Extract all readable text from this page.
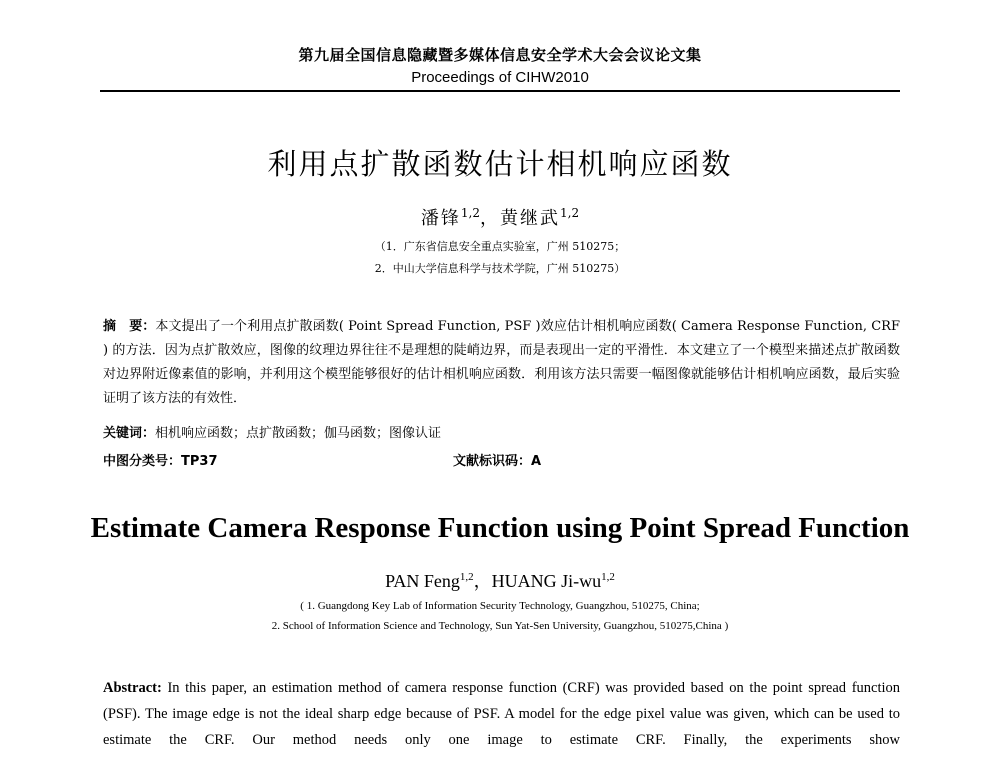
第九届全国信息隐藏暨多媒体信息安全学术大会会议论文集
Proceedings of CIHW2010
利用点扩散函数估计相机响应函数
潘锋$^{1,2}$，黄继武$^{1,2}$
（1．广东省信息安全重点实验室，广州 510275；
2．中山大学信息科学与技术学院，广州 510275）
摘　要：本文提出了一个利用点扩散函数( Point Spread Function, PSF )效应估计相机响应函数( Camera Response Function, CRF ) 的方法．因为点扩散效应，图像的纹理边界往往不是理想的陡峭边界，而是表现出一定的平滑性．本文建立了一个模型来描述点扩散函数对边界附近像素值的影响，并利用这个模型能够很好的估计相机响应函数．利用该方法只需要一幅图像就能够估计相机响应函数，最后实验证明了该方法的有效性．
关键词：相机响应函数；点扩散函数；伽马函数；图像认证
中图分类号：TP37	文献标识码：A
Estimate Camera Response Function using Point Spread Function
PAN Feng$^{1,2}$，HUANG Ji-wu$^{1,2}$
( 1. Guangdong Key Lab of Information Security Technology, Guangzhou, 510275, China;
2. School of Information Science and Technology, Sun Yat-Sen University, Guangzhou, 510275,China )
Abstract: In this paper, an estimation method of camera response function (CRF) was provided based on the point spread function (PSF). The image edge is not the ideal sharp edge because of PSF. A model for the edge pixel value was given, which can be used to estimate the CRF. Our method needs only one image to estimate CRF. Finally, the experiments show
